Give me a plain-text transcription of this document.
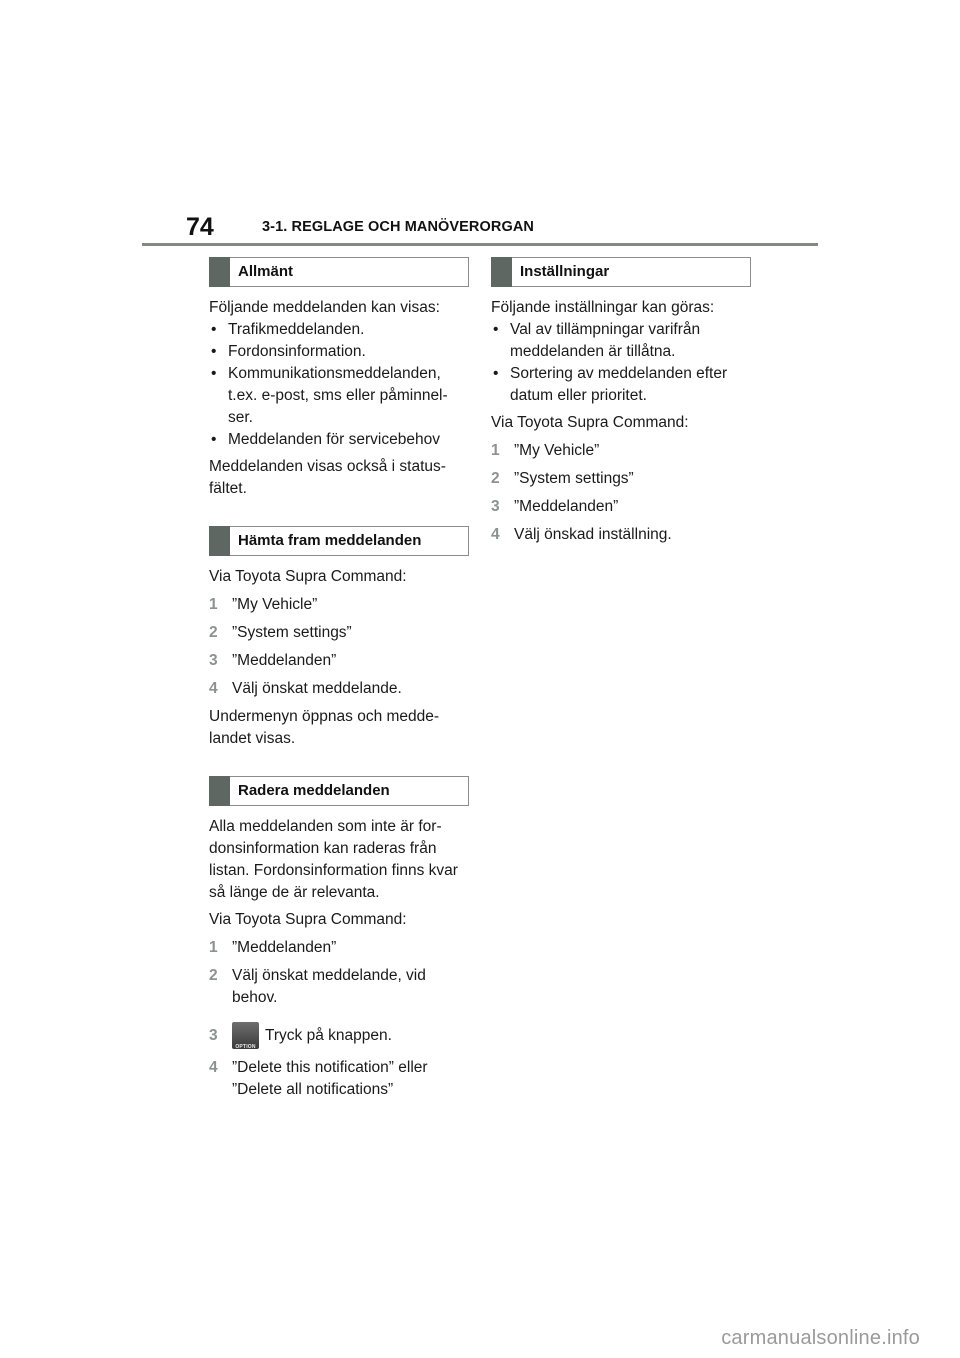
74	3-1. REGLAGE OCH MANÖVERORGAN
Allmänt

Följande meddelanden kan visas:

• Trafikmeddelanden.
• Fordonsinformation.
• Kommunikationsmeddelanden, t.ex. e-post, sms eller påminnel-ser.
• Meddelanden för servicebehov

Meddelanden visas också i status-fältet.

Hämta fram meddelanden

Via Toyota Supra Command:

1 ”My Vehicle”
2 ”System settings”
3 ”Meddelanden”
4 Välj önskat meddelande.

Undermenyn öppnas och medde-landet visas.

Radera meddelanden

Alla meddelanden som inte är for-donsinformation kan raderas från listan. Fordonsinformation finns kvar så länge de är relevanta.

Via Toyota Supra Command:

1 ”Meddelanden”
2 Välj önskat meddelande, vid behov.
3
OPTION
Tryck på knappen.
4 ”Delete this notification” eller ”Delete all notifications”
Inställningar

Följande inställningar kan göras:

• Val av tillämpningar varifrån meddelanden är tillåtna.
• Sortering av meddelanden efter datum eller prioritet.

Via Toyota Supra Command:

1 ”My Vehicle”
2 ”System settings”
3 ”Meddelanden”
4 Välj önskad inställning.
carmanualsonline.info
